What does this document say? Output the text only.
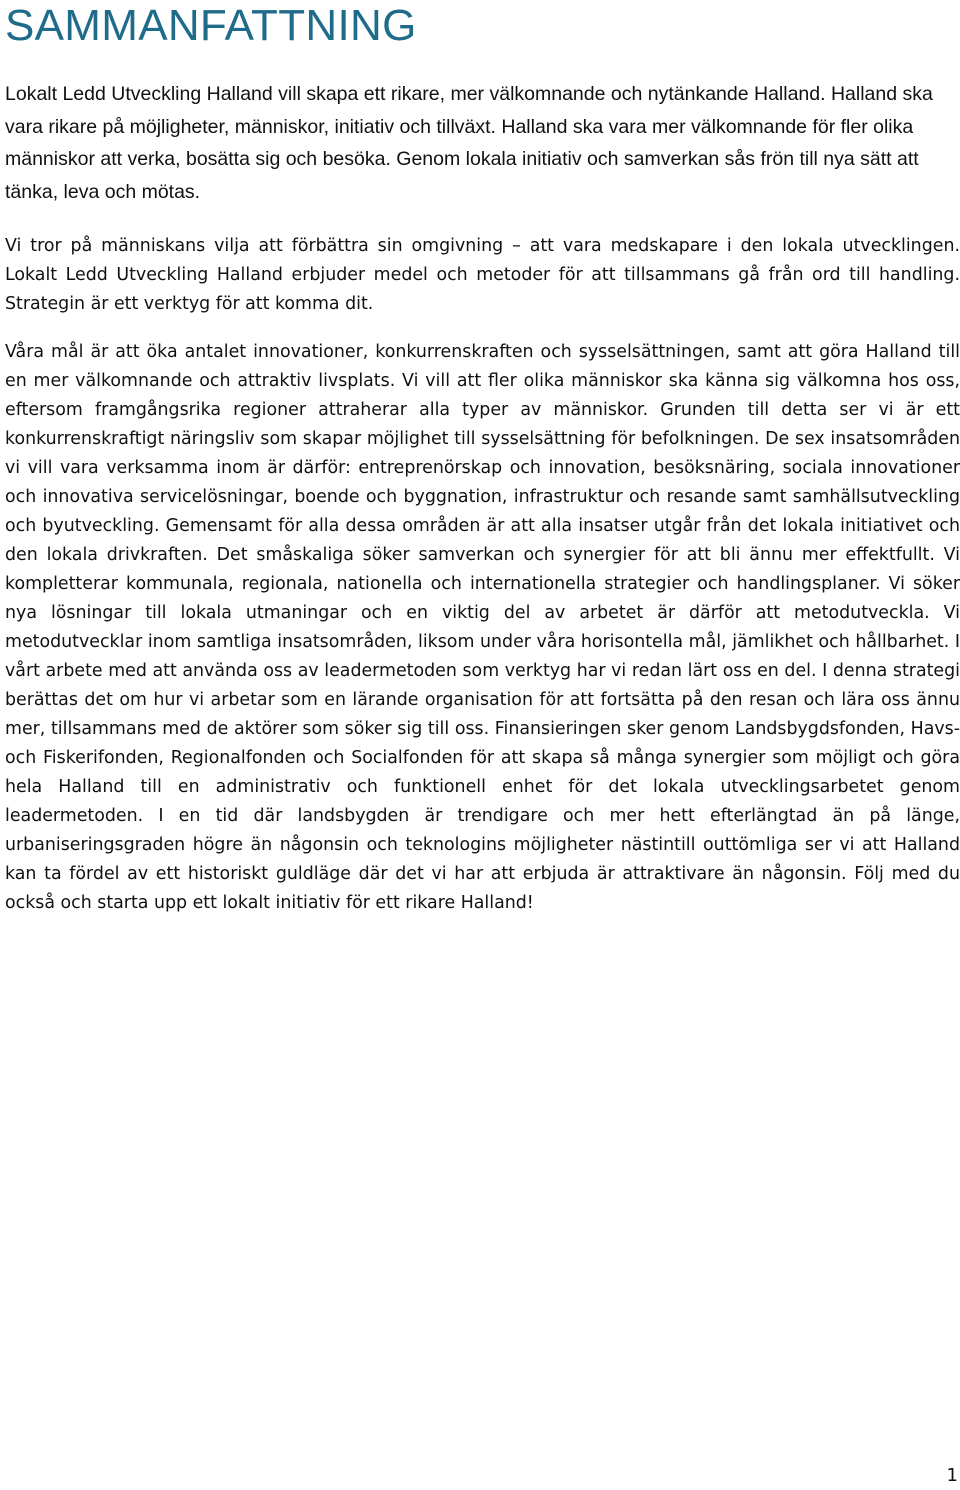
SAMMANFATTNING

Lokalt Ledd Utveckling Halland vill skapa ett rikare, mer välkomnande och nytänkande Halland. Halland ska vara rikare på möjligheter, människor, initiativ och tillväxt. Halland ska vara mer välkomnande för fler olika människor att verka, bosätta sig och besöka. Genom lokala initiativ och samverkan sås frön till nya sätt att tänka, leva och mötas.

Vi tror på människans vilja att förbättra sin omgivning – att vara medskapare i den lokala utvecklingen. Lokalt Ledd Utveckling Halland erbjuder medel och metoder för att tillsammans gå från ord till handling. Strategin är ett verktyg för att komma dit.

Våra mål är att öka antalet innovationer, konkurrenskraften och sysselsättningen, samt att göra Halland till en mer välkomnande och attraktiv livsplats. Vi vill att fler olika människor ska känna sig välkomna hos oss, eftersom framgångsrika regioner attraherar alla typer av människor. Grunden till detta ser vi är ett konkurrenskraftigt näringsliv som skapar möjlighet till sysselsättning för befolkningen. De sex insatsområden vi vill vara verksamma inom är därför: entreprenörskap och innovation, besöksnäring, sociala innovationer och innovativa servicelösningar, boende och byggnation, infrastruktur och resande samt samhällsutveckling och byutveckling. Gemensamt för alla dessa områden är att alla insatser utgår från det lokala initiativet och den lokala drivkraften. Det småskaliga söker samverkan och synergier för att bli ännu mer effektfullt. Vi kompletterar kommunala, regionala, nationella och internationella strategier och handlingsplaner. Vi söker nya lösningar till lokala utmaningar och en viktig del av arbetet är därför att metodutveckla. Vi metodutvecklar inom samtliga insatsområden, liksom under våra horisontella mål, jämlikhet och hållbarhet. I vårt arbete med att använda oss av leadermetoden som verktyg har vi redan lärt oss en del. I denna strategi berättas det om hur vi arbetar som en lärande organisation för att fortsätta på den resan och lära oss ännu mer, tillsammans med de aktörer som söker sig till oss. Finansieringen sker genom Landsbygdsfonden, Havs- och Fiskerifonden, Regionalfonden och Socialfonden för att skapa så många synergier som möjligt och göra hela Halland till en administrativ och funktionell enhet för det lokala utvecklingsarbetet genom leadermetoden. I en tid där landsbygden är trendigare och mer hett efterlängtad än på länge, urbaniseringsgraden högre än någonsin och teknologins möjligheter nästintill outtömliga ser vi att Halland kan ta fördel av ett historiskt guldläge där det vi har att erbjuda är attraktivare än någonsin. Följ med du också och starta upp ett lokalt initiativ för ett rikare Halland!

1
